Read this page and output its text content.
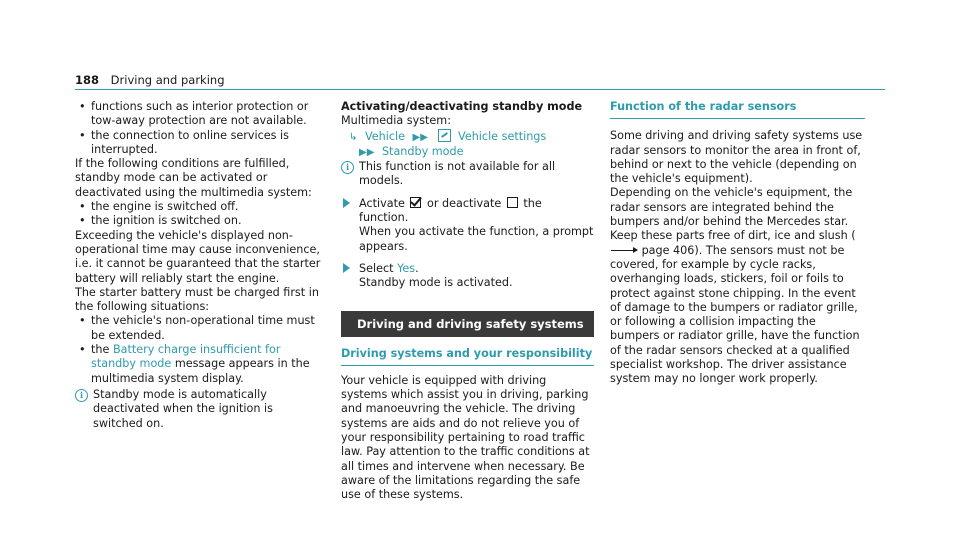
188 Driving and parking

• functions such as interior protection or tow-away protection are not available.

• the connection to online services is interrupted.

If the following conditions are fulfilled, standby mode can be activated or deactivated using the multimedia system:

• the engine is switched off.

• the ignition is switched on.

Exceeding the vehicle's displayed non-operational time may cause inconvenience, i.e. it cannot be guaranteed that the starter battery will reliably start the engine.

The starter battery must be charged first in the following situations:

• the vehicle's non-operational time must be extended.

• the Battery charge insufficient for standby mode message appears in the multimedia system display.

i Standby mode is automatically deactivated when the ignition is switched on.

Activating/deactivating standby mode

Multimedia system:

↳ Vehicle ▶▶	Vehicle settings

▶▶ Standby mode

i This function is not available for all models.

Activate or deactivate the function.
When you activate the function, a prompt appears.

Select Yes.
Standby mode is activated.

Driving and driving safety systems

Driving systems and your responsibility

Your vehicle is equipped with driving systems which assist you in driving, parking and manoeuvring the vehicle. The driving systems are aids and do not relieve you of your responsibility pertaining to road traffic law. Pay attention to the traffic conditions at all times and intervene when necessary. Be aware of the limitations regarding the safe use of these systems.

Function of the radar sensors

Some driving and driving safety systems use radar sensors to monitor the area in front of, behind or next to the vehicle (depending on the vehicle's equipment).

Depending on the vehicle's equipment, the radar sensors are integrated behind the bumpers and/or behind the Mercedes star. Keep these parts free of dirt, ice and slush ( page 406). The sensors must not be covered, for example by cycle racks, overhanging loads, stickers, foil or foils to protect against stone chipping. In the event of damage to the bumpers or radiator grille, or following a collision impacting the bumpers or radiator grille, have the function of the radar sensors checked at a qualified specialist workshop. The driver assistance system may no longer work properly.
